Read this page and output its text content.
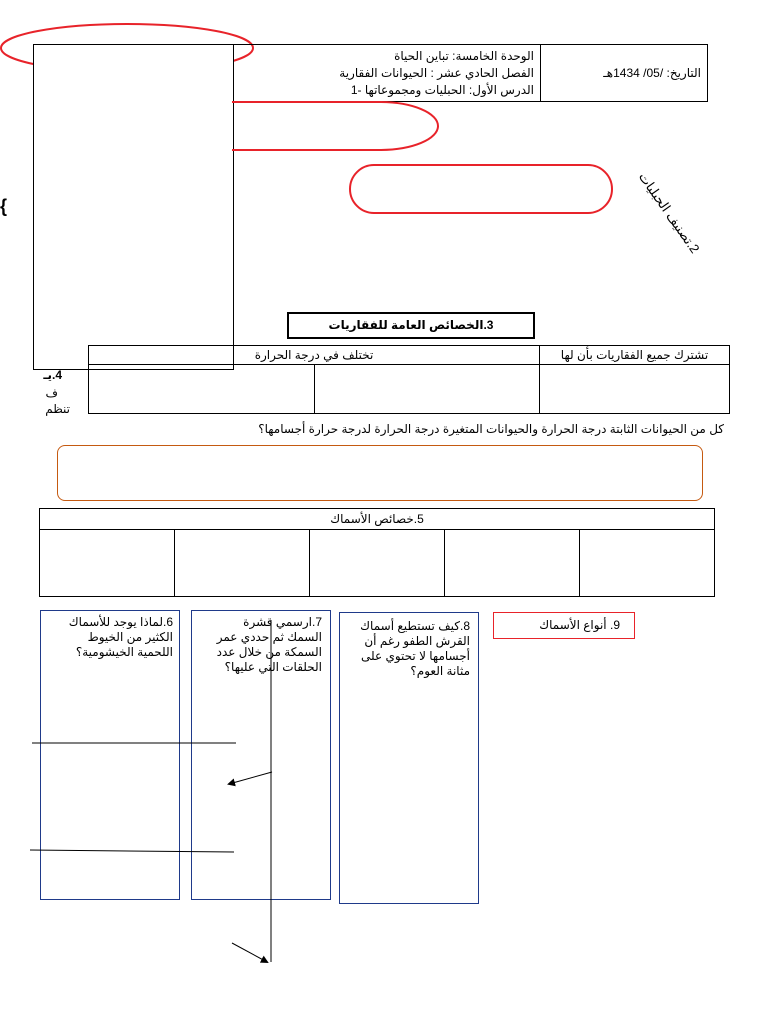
الوحدة الخامسة: تباين الحياة
الفصل الحادي عشر : الحيوانات الفقارية
الدرس الأول: الحبليات ومجموعاتها -1
التاريخ: /05/ 1434هـ
2.تصنيف الحبليات
{
3.الخصائص العامة للفقاريات
تختلف في درجة الحرارة	تشترك جميع الفقاريات بأن لها
4.يـ
ف
تنظم
كل من الحيوانات الثابتة درجة الحرارة والحيوانات المتغيرة درجة الحرارة لدرجة حرارة أجسامها؟
5.خصائص الأسماك
6.لماذا يوجد للأسماك الكثير من الخيوط اللحمية الخيشومية؟
7.ارسمي قشرة السمك ثم حددي عمر السمكة من خلال عدد الحلقات التي عليها؟
8.كيف تستطيع أسماك القرش الطفو رغم أن أجسامها لا تحتوي على مثانة العوم؟
9. أنواع الأسماك
